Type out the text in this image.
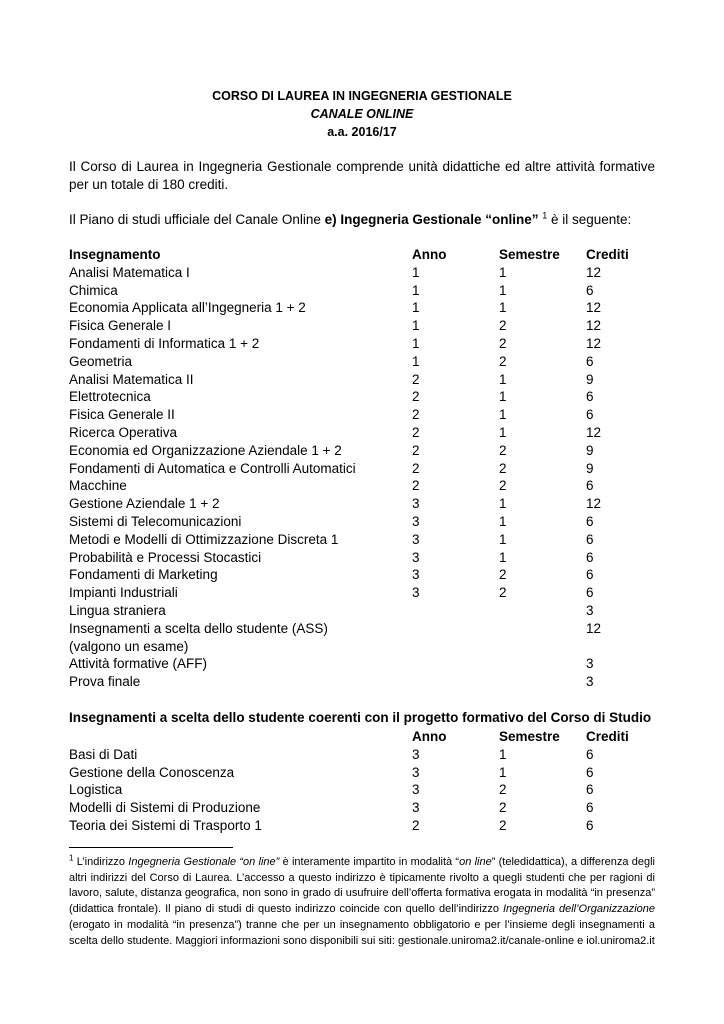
CORSO DI LAUREA IN INGEGNERIA GESTIONALE
CANALE ONLINE
a.a. 2016/17
Il Corso di Laurea in Ingegneria Gestionale comprende unità didattiche ed altre attività formative per un totale di 180 crediti.
Il Piano di studi ufficiale del Canale Online e) Ingegneria Gestionale “online” $^1$ è il seguente:
Insegnamento	Anno	Semestre	Crediti
Analisi Matematica I	1	1	12
Chimica	1	1	6
Economia Applicata all’Ingegneria 1 + 2	1	1	12
Fisica Generale I	1	2	12
Fondamenti di Informatica 1 + 2	1	2	12
Geometria	1	2	6
Analisi Matematica II	2	1	9
Elettrotecnica	2	1	6
Fisica Generale II	2	1	6
Ricerca Operativa	2	1	12
Economia ed Organizzazione Aziendale 1 + 2	2	2	9
Fondamenti di Automatica e Controlli Automatici	2	2	9
Macchine	2	2	6
Gestione Aziendale 1 + 2	3	1	12
Sistemi di Telecomunicazioni	3	1	6
Metodi e Modelli di Ottimizzazione Discreta 1	3	1	6
Probabilità e Processi Stocastici	3	1	6
Fondamenti di Marketing	3	2	6
Impianti Industriali	3	2	6
Lingua straniera			3
Insegnamenti a scelta dello studente (ASS)			12
(valgono un esame)			
Attività formative (AFF)			3
Prova finale			3
Insegnamenti a scelta dello studente coerenti con il progetto formativo del Corso di Studio
	Anno	Semestre	Crediti
Basi di Dati	3	1	6
Gestione della Conoscenza	3	1	6
Logistica	3	2	6
Modelli di Sistemi di Produzione	3	2	6
Teoria dei Sistemi di Trasporto 1	2	2	6
$^1$ L’indirizzo Ingegneria Gestionale “on line” è interamente impartito in modalità “on line” (teledidattica), a differenza degli altri indirizzi del Corso di Laurea. L’accesso a questo indirizzo è tipicamente rivolto a quegli studenti che per ragioni di lavoro, salute, distanza geografica, non sono in grado di usufruire dell’offerta formativa erogata in modalità “in presenza” (didattica frontale). Il piano di studi di questo indirizzo coincide con quello dell’indirizzo Ingegneria dell’Organizzazione (erogato in modalità “in presenza”) tranne che per un insegnamento obbligatorio e per l’insieme degli insegnamenti a scelta dello studente. Maggiori informazioni sono disponibili sui siti: gestionale.uniroma2.it/canale-online e iol.uniroma2.it
